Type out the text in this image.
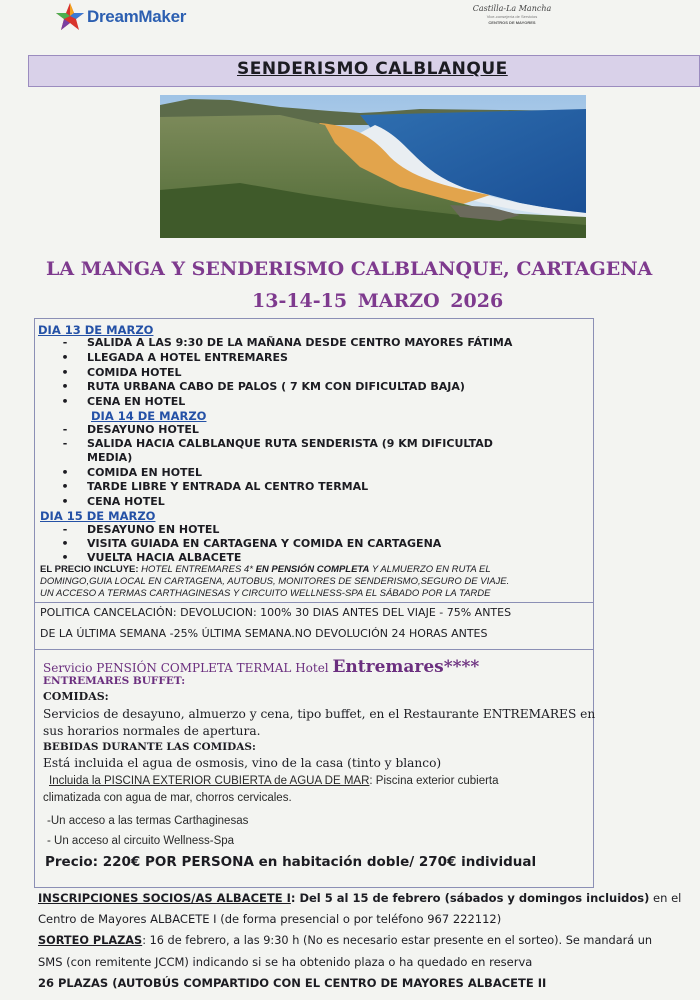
DreamMaker	Castilla-La Mancha
Vice-consejería de Servicios
CENTROS DE MAYORES
SENDERISMO CALBLANQUE
LA MANGA Y SENDERISMO CALBLANQUE, CARTAGENA
13-14-15 MARZO 2026
DIA 13 DE MARZO
- SALIDA A LAS 9:30 DE LA MAÑANA DESDE CENTRO MAYORES FÁTIMA
• LLEGADA A HOTEL ENTREMARES
• COMIDA HOTEL
• RUTA URBANA CABO DE PALOS ( 7 KM CON DIFICULTAD BAJA)
• CENA EN HOTEL
DIA 14 DE MARZO
- DESAYUNO HOTEL
- SALIDA HACIA CALBLANQUE RUTA SENDERISTA (9 KM DIFICULTAD
MEDIA)
• COMIDA EN HOTEL
• TARDE LIBRE Y ENTRADA AL CENTRO TERMAL
• CENA HOTEL
DIA 15 DE MARZO
- DESAYUNO EN HOTEL
• VISITA GUIADA EN CARTAGENA Y COMIDA EN CARTAGENA
• VUELTA HACIA ALBACETE
EL PRECIO INCLUYE: HOTEL ENTREMARES 4* EN PENSIÓN COMPLETA Y ALMUERZO EN RUTA EL
DOMINGO,GUIA LOCAL EN CARTAGENA, AUTOBUS, MONITORES DE SENDERISMO,SEGURO DE VIAJE.
UN ACCESO A TERMAS CARTHAGINESAS Y CIRCUITO WELLNESS-SPA EL SÁBADO POR LA TARDE
POLITICA CANCELACIÓN: DEVOLUCION: 100% 30 DIAS ANTES DEL VIAJE - 75% ANTES
DE LA ÚLTIMA SEMANA -25% ÚLTIMA SEMANA.NO DEVOLUCIÓN 24 HORAS ANTES
Servicio PENSIÓN COMPLETA TERMAL Hotel Entremares****
ENTREMARES BUFFET:
COMIDAS:
Servicios de desayuno, almuerzo y cena, tipo buffet, en el Restaurante ENTREMARES en
sus horarios normales de apertura.
BEBIDAS DURANTE LAS COMIDAS:
Está incluida el agua de osmosis, vino de la casa (tinto y blanco)
Incluida la PISCINA EXTERIOR CUBIERTA de AGUA DE MAR: Piscina exterior cubierta
climatizada con agua de mar, chorros cervicales.
-Un acceso a las termas Carthaginesas
- Un acceso al circuito Wellness-Spa
Precio: 220€ POR PERSONA en habitación doble/ 270€ individual
INSCRIPCIONES SOCIOS/AS ALBACETE I: Del 5 al 15 de febrero (sábados y domingos incluidos) en el
Centro de Mayores ALBACETE I (de forma presencial o por teléfono 967 222112)
SORTEO PLAZAS: 16 de febrero, a las 9:30 h (No es necesario estar presente en el sorteo). Se mandará un
SMS (con remitente JCCM) indicando si se ha obtenido plaza o ha quedado en reserva
26 PLAZAS (AUTOBÚS COMPARTIDO CON EL CENTRO DE MAYORES ALBACETE II
